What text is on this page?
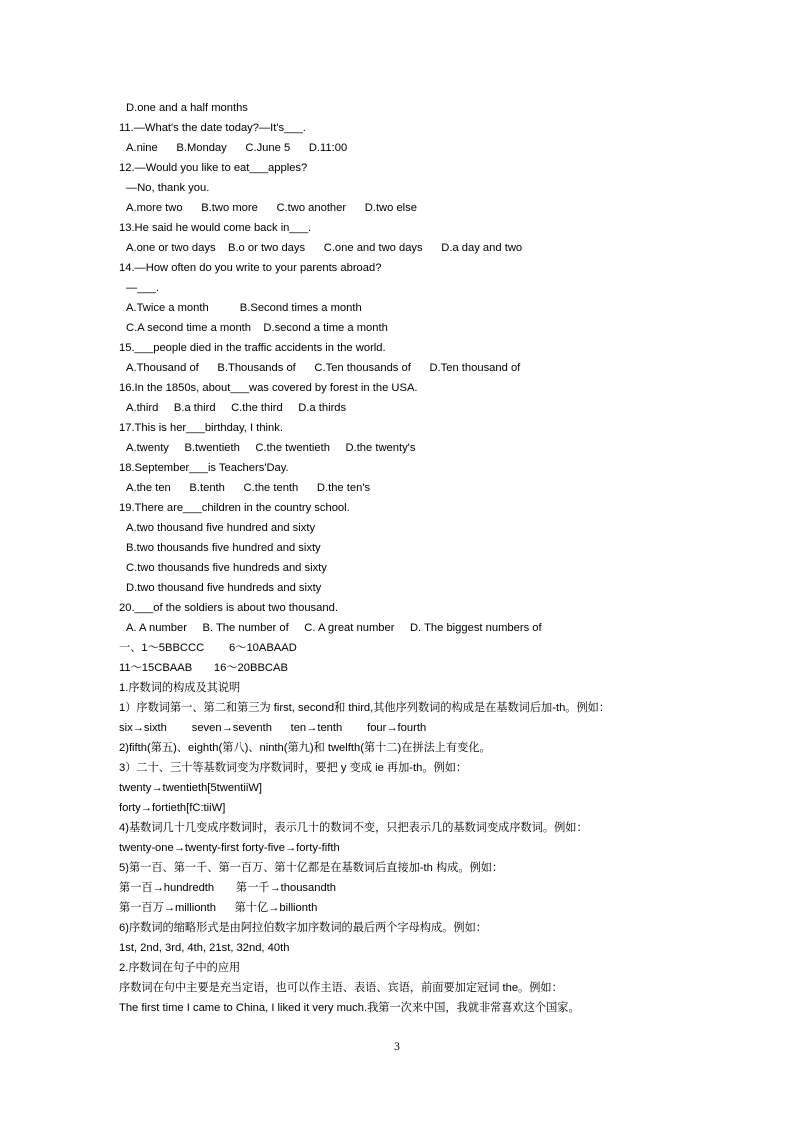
D.one and a half months
11.—What's the date today?—It's___.
A.nine      B.Monday      C.June 5      D.11:00
12.—Would you like to eat___apples?
—No, thank you.
A.more two      B.two more      C.two another      D.two else
13.He said he would come back in___.
A.one or two days    B.o or two days      C.one and two days      D.a day and two
14.—How often do you write to your parents abroad?
—___.
A.Twice a month          B.Second times a month
C.A second time a month    D.second a time a month
15.___people died in the traffic accidents in the world.
A.Thousand of      B.Thousands of      C.Ten thousands of      D.Ten thousand of
16.In the 1850s, about___was covered by forest in the USA.
A.third     B.a third     C.the third     D.a thirds
17.This is her___birthday, I think.
A.twenty     B.twentieth     C.the twentieth     D.the twenty's
18.September___is Teachers'Day.
A.the ten      B.tenth      C.the tenth      D.the ten's
19.There are___children in the country school.
A.two thousand five hundred and sixty
B.two thousands five hundred and sixty
C.two thousands five hundreds and sixty
D.two thousand five hundreds and sixty
20.___of the soldiers is about two thousand.
A. A number     B. The number of     C. A great number     D. The biggest numbers of
一、1～5BBCCC        6～10ABAAD
11～15CBAAB       16～20BBCAB
1.序数词的构成及其说明
1）序数词第一、第二和第三为 first, second和 third,其他序列数词的构成是在基数词后加-th。例如：
six→sixth        seven→seventh      ten→tenth        four→fourth
2)fifth(第五)、eighth(第八)、ninth(第九)和 twelfth(第十二)在拼法上有变化。
3）二十、三十等基数词变为序数词时，要把 y 变成 ie 再加-th。例如：
twenty→twentieth[5twentiiW]
forty→fortieth[fC:tiiW]
4)基数词几十几变成序数词时，表示几十的数词不变，只把表示几的基数词变成序数词。例如：
twenty-one→twenty-first forty-five→forty-fifth
5)第一百、第一千、第一百万、第十亿都是在基数词后直接加-th 构成。例如：
第一百→hundredth       第一千→thousandth
第一百万→millionth      第十亿→billionth
6)序数词的缩略形式是由阿拉伯数字加序数词的最后两个字母构成。例如：
1st, 2nd, 3rd, 4th, 21st, 32nd, 40th
2.序数词在句子中的应用
序数词在句中主要是充当定语，也可以作主语、表语、宾语，前面要加定冠词 the。例如：
The first time I came to China, I liked it very much.我第一次来中国，我就非常喜欢这个国家。
3
